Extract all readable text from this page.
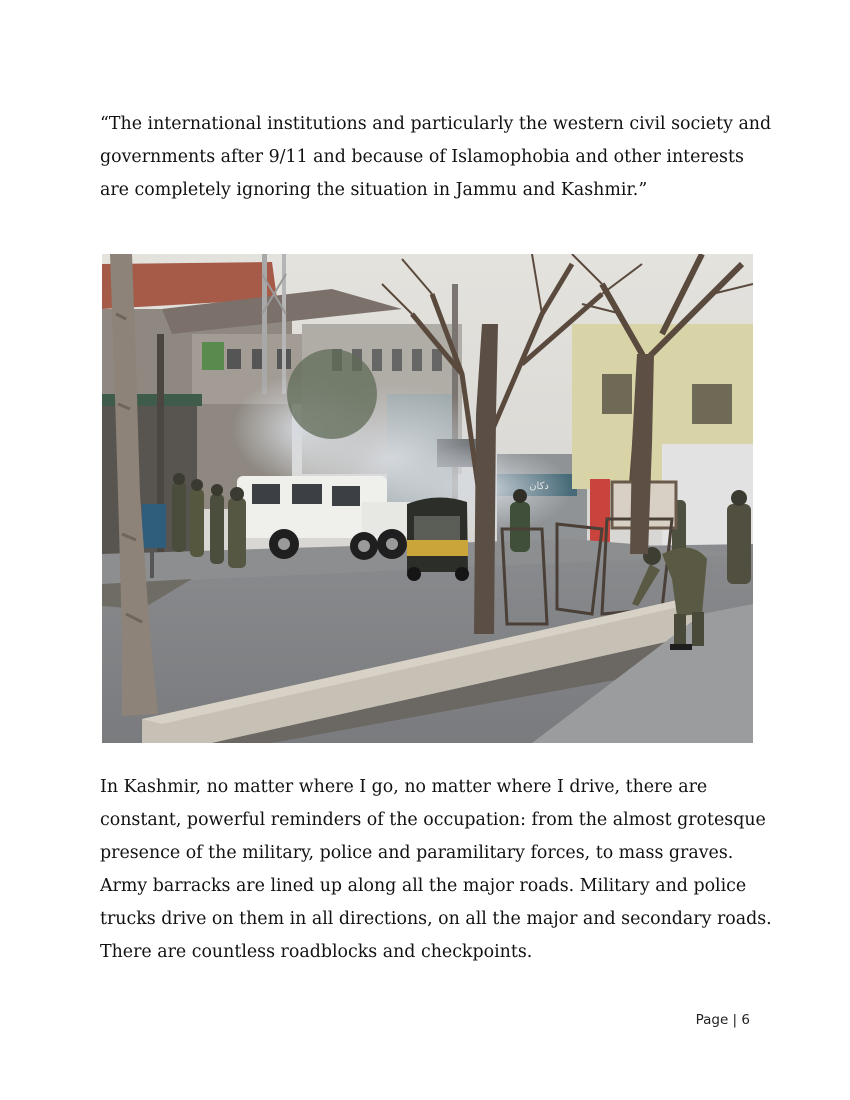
“The international institutions and particularly the western civil society and
governments after 9/11 and because of Islamophobia and other interests
are completely ignoring the situation in Jammu and Kashmir.”

In Kashmir, no matter where I go, no matter where I drive, there are
constant, powerful reminders of the occupation: from the almost grotesque
presence of the military, police and paramilitary forces, to mass graves.
Army barracks are lined up along all the major roads. Military and police
trucks drive on them in all directions, on all the major and secondary roads.
There are countless roadblocks and checkpoints.

Page | 6
